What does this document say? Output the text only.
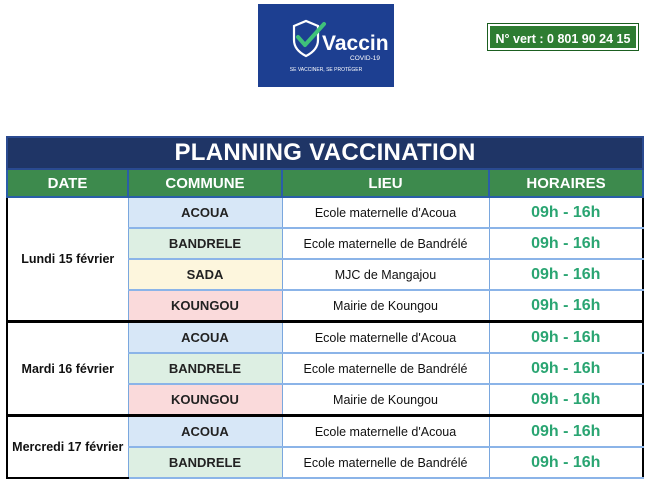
Vaccin
COVID-19
SE VACCINER, SE PROTÉGER
N° vert : 0 801 90 24 15
PLANNING VACCINATION			
DATE	COMMUNE	LIEU	HORAIRES
Lundi 15 février	ACOUA	Ecole maternelle d'Acoua	09h - 16h
	BANDRELE	Ecole maternelle de Bandrélé	09h - 16h
	SADA	MJC de Mangajou	09h - 16h
	KOUNGOU	Mairie de Koungou	09h - 16h
Mardi 16 février	ACOUA	Ecole maternelle d'Acoua	09h - 16h
	BANDRELE	Ecole maternelle de Bandrélé	09h - 16h
	KOUNGOU	Mairie de Koungou	09h - 16h
Mercredi 17 février	ACOUA	Ecole maternelle d'Acoua	09h - 16h
	BANDRELE	Ecole maternelle de Bandrélé	09h - 16h
